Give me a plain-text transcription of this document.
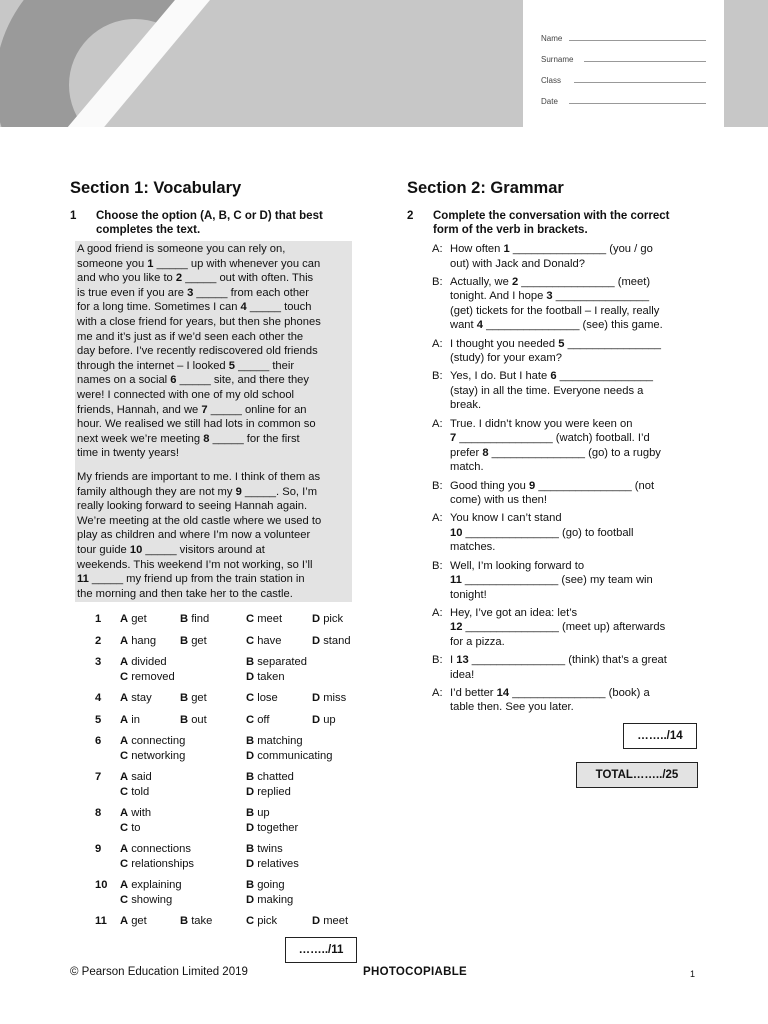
Name
Surname
Class
Date
Section 1: Vocabulary
1 Choose the option (A, B, C or D) that best
completes the text.
A good friend is someone you can rely on,
someone you 1 _____ up with whenever you can
and who you like to 2 _____ out with often. This
is true even if you are 3 _____ from each other
for a long time. Sometimes I can 4 _____ touch
with a close friend for years, but then she phones
me and it’s just as if we’d seen each other the
day before. I’ve recently rediscovered old friends
through the internet – I looked 5 _____ their
names on a social 6 _____ site, and there they
were! I connected with one of my old school
friends, Hannah, and we 7 _____ online for an
hour. We realised we still had lots in common so
next week we’re meeting 8 _____ for the first
time in twenty years!
My friends are important to me. I think of them as
family although they are not my 9 _____. So, I’m
really looking forward to seeing Hannah again.
We’re meeting at the old castle where we used to
play as children and where I’m now a volunteer
tour guide 10 _____ visitors around at
weekends. This weekend I’m not working, so I’ll
11 _____ my friend up from the train station in
the morning and then take her to the castle.
1 A get	B find	C meet	D pick
2 A hang B get	C have	D stand
3 A divided	B separated
C removed	D taken
4 A stay	B get	C lose	D miss
5 A in	B out	C off	D up
6 A connecting	B matching
C networking	D communicating
7 A said	B chatted
C told	D replied
8 A with	B up
C to	D together
9 A connections	B twins
C relationships	D relatives
10 A explaining	B going
C showing	D making
11 A get	B take	C pick	D meet
……../11
Section 2: Grammar
2 Complete the conversation with the correct
form of the verb in brackets.
A: How often 1 _______________ (you / go
out) with Jack and Donald?
B: Actually, we 2 _______________ (meet)
tonight. And I hope 3 _______________
(get) tickets for the football – I really, really
want 4 _______________ (see) this game.
A: I thought you needed 5 _______________
(study) for your exam?
B: Yes, I do. But I hate 6 _______________
(stay) in all the time. Everyone needs a
break.
A: True. I didn’t know you were keen on
7 _______________ (watch) football. I’d
prefer 8 _______________ (go) to a rugby
match.
B: Good thing you 9 _______________ (not
come) with us then!
A: You know I can’t stand
10 _______________ (go) to football
matches.
B: Well, I’m looking forward to
11 _______________ (see) my team win
tonight!
A: Hey, I’ve got an idea: let’s
12 _______________ (meet up) afterwards
for a pizza.
B: I 13 _______________ (think) that’s a great
idea!
A: I’d better 14 _______________ (book) a
table then. See you later.
……../14
TOTAL……../25
© Pearson Education Limited 2019	PHOTOCOPIABLE	1
